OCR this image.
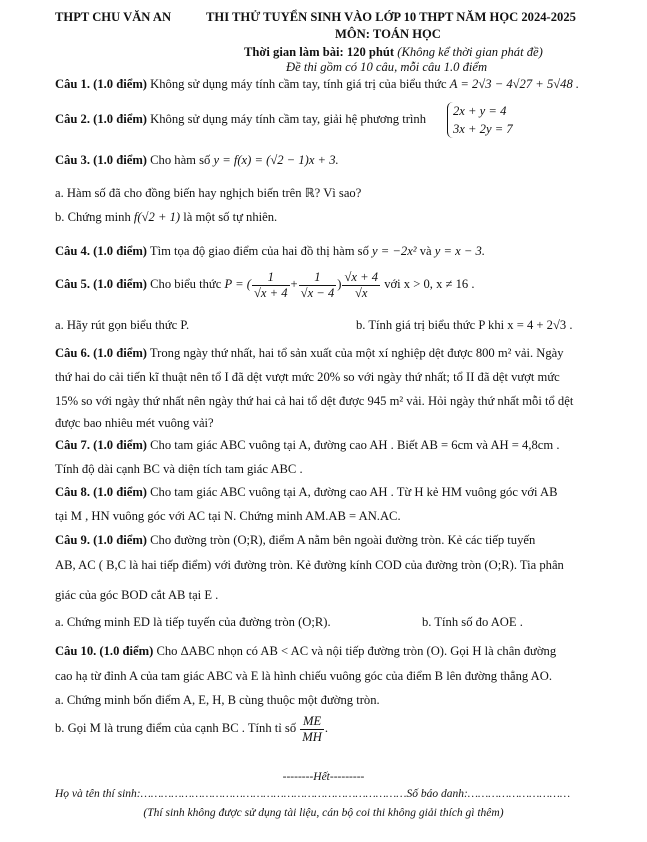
THPT CHU VĂN AN	THI THỬ TUYỂN SINH VÀO LỚP 10 THPT NĂM HỌC 2024-2025
MÔN: TOÁN HỌC
Thời gian làm bài: 120 phút (Không kể thời gian phát đề)
Đề thi gồm có 10 câu, mỗi câu 1.0 điểm
Câu 1. (1.0 điểm) Không sử dụng máy tính cầm tay, tính giá trị của biểu thức A = 2√3 − 4√27 + 5√48 .
Câu 2. (1.0 điểm) Không sử dụng máy tính cầm tay, giải hệ phương trình
2x + y = 4
3x + 2y = 7
Câu 3. (1.0 điểm) Cho hàm số y = f(x) = (√2 − 1)x + 3.
a. Hàm số đã cho đồng biến hay nghịch biến trên ℝ? Vì sao?
b. Chứng minh f(√2 + 1) là một số tự nhiên.
Câu 4. (1.0 điểm) Tìm tọa độ giao điểm của hai đồ thị hàm số y = −2x² và y = x − 3.
Câu 5. (1.0 điểm) Cho biểu thức P = ( $\frac{1}{√x + 4} + \frac{1}{√x - 4}$ ) $\frac{√x + 4}{√x}$ với x > 0, x ≠ 16 .
a. Hãy rút gọn biểu thức P.	b. Tính giá trị biểu thức P khi x = 4 + 2√3 .
Câu 6. (1.0 điểm) Trong ngày thứ nhất, hai tổ sản xuất của một xí nghiệp dệt được 800 m² vải. Ngày
thứ hai do cải tiến kĩ thuật nên tổ I đã dệt vượt mức 20% so với ngày thứ nhất; tổ II đã dệt vượt mức
15% so với ngày thứ nhất nên ngày thứ hai cả hai tổ dệt được 945 m² vải. Hỏi ngày thứ nhất mỗi tổ dệt
được bao nhiêu mét vuông vải?
Câu 7. (1.0 điểm) Cho tam giác ABC vuông tại A, đường cao AH . Biết AB = 6cm và AH = 4,8cm .
Tính độ dài cạnh BC và diện tích tam giác ABC .
Câu 8. (1.0 điểm) Cho tam giác ABC vuông tại A, đường cao AH . Từ H kẻ HM vuông góc với AB
tại M , HN vuông góc với AC tại N. Chứng minh AM.AB = AN.AC.
Câu 9. (1.0 điểm) Cho đường tròn (O;R), điểm A nằm bên ngoài đường tròn. Kẻ các tiếp tuyến
AB, AC ( B,C là hai tiếp điểm) với đường tròn. Kẻ đường kính COD của đường tròn (O;R). Tia phân
giác của góc BOD cắt AB tại E .
a. Chứng minh ED là tiếp tuyến của đường tròn (O;R).	b. Tính số đo AOE .
Câu 10. (1.0 điểm) Cho ΔABC nhọn có AB < AC và nội tiếp đường tròn (O). Gọi H là chân đường
cao hạ từ đỉnh A của tam giác ABC và E là hình chiếu vuông góc của điểm B lên đường thẳng AO.
a. Chứng minh bốn điểm A, E, H, B cùng thuộc một đường tròn.
b. Gọi M là trung điểm của cạnh BC . Tính tỉ số $\frac{ME}{MH}$ .
--------Hết---------
Họ và tên thí sinh:……………………………………………………………………Số báo danh:…………………………
(Thí sinh không được sử dụng tài liệu, cán bộ coi thi không giải thích gì thêm)
